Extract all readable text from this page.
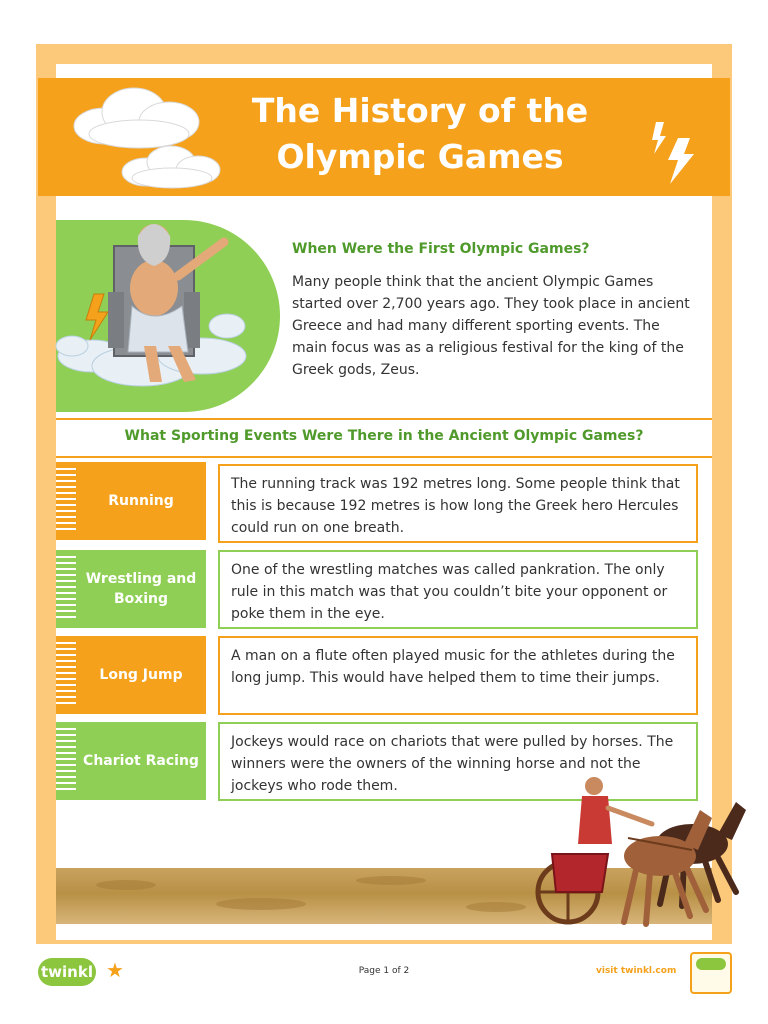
The History of the
Olympic Games
When Were the First Olympic Games?
Many people think that the ancient Olympic Games started over 2,700 years ago. They took place in ancient Greece and had many different sporting events. The main focus was as a religious festival for the king of the Greek gods, Zeus.
What Sporting Events Were There in the Ancient Olympic Games?
Running
The running track was 192 metres long. Some people think that this is because 192 metres is how long the Greek hero Hercules could run on one breath.
Wrestling and Boxing
One of the wrestling matches was called pankration. The only rule in this match was that you couldn’t bite your opponent or poke them in the eye.
Long Jump
A man on a flute often played music for the athletes during the long jump. This would have helped them to time their jumps.
Chariot Racing
Jockeys would race on chariots that were pulled by horses. The winners were the owners of the winning horse and not the jockeys who rode them.
twinkl ★	Page 1 of 2	visit twinkl.com
